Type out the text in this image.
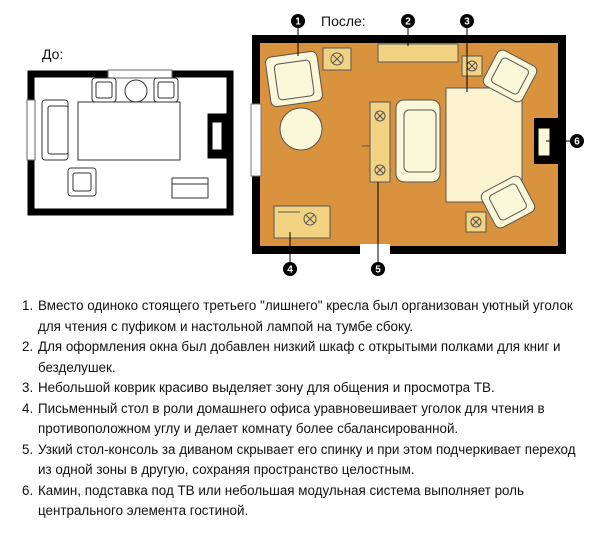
До:
После:
1	2	3
4	5
6
1. Вместо одиноко стоящего третьего "лишнего" кресла был организован уютный уголок для чтения с пуфиком и настольной лампой на тумбе сбоку.
2. Для оформления окна был добавлен низкий шкаф с открытыми полками для книг и безделушек.
3. Небольшой коврик красиво выделяет зону для общения и просмотра ТВ.
4. Письменный стол в роли домашнего офиса уравновешивает уголок для чтения в противоположном углу и делает комнату более сбалансированной.
5. Узкий стол-консоль за диваном скрывает его спинку и при этом подчеркивает переход из одной зоны в другую, сохраняя пространство целостным.
6. Камин, подставка под ТВ или небольшая модульная система выполняет роль центрального элемента гостиной.
